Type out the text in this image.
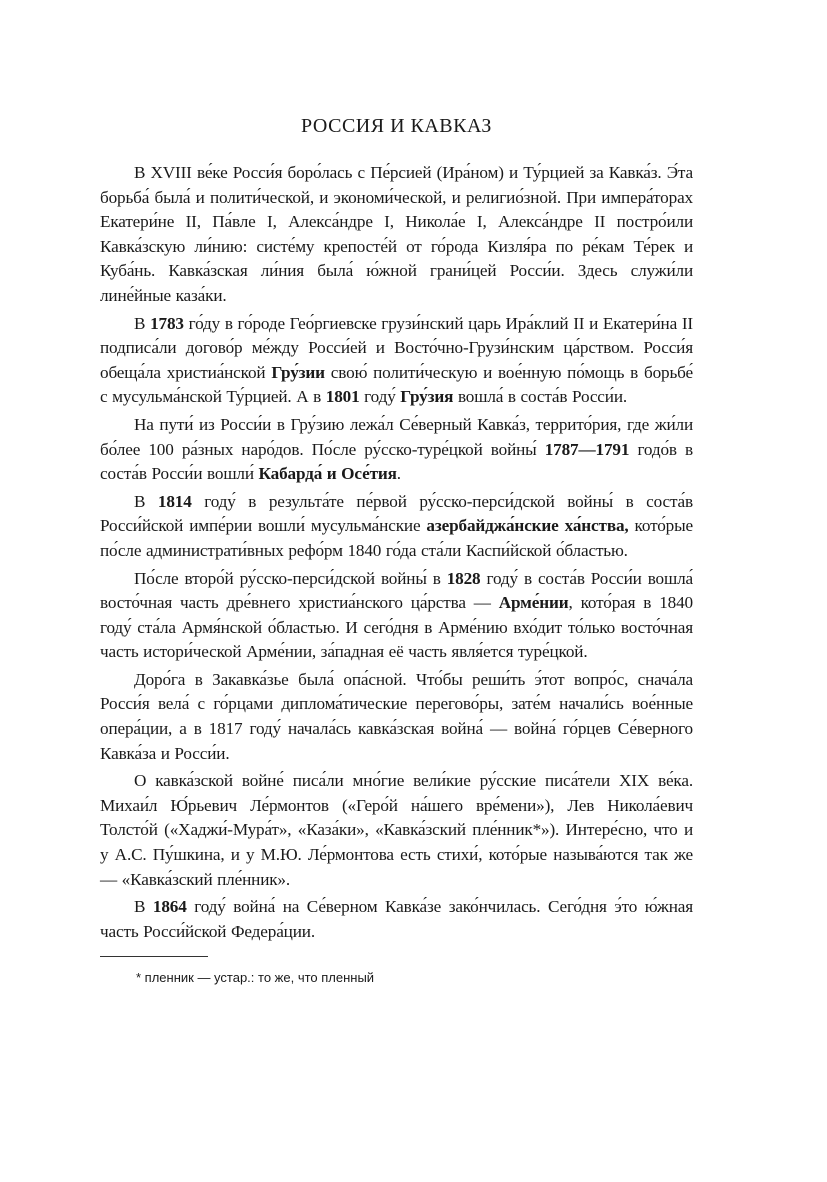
РОССИЯ И КАВКАЗ

В XVIII ве́ке Росси́я боро́лась с Пе́рсией (Ира́ном) и Ту́рцией за Кавка́з. Э́та борьба́ была́ и полити́ческой, и экономи́ческой, и религио́зной. При импера́торах Екатери́не II, Па́вле I, Алекса́ндре I, Никола́е I, Алекса́ндре II постро́или Кавка́зскую ли́нию: систе́му крепосте́й от го́рода Кизля́ра по ре́кам Те́рек и Куба́нь. Кавка́зская ли́ния была́ ю́жной грани́цей Росси́и. Здесь служи́ли лине́йные каза́ки.

В 1783 го́ду в го́роде Гео́ргиевске грузи́нский царь Ира́клий II и Екатери́на II подписа́ли догово́р ме́жду Росси́ей и Восто́чно-Грузи́нским ца́рством. Росси́я обеща́ла христиа́нской Гру́зии свою́ полити́ческую и вое́нную по́мощь в борьбе́ с мусульма́нской Ту́рцией. А в 1801 году́ Гру́зия вошла́ в соста́в Росси́и.

На пути́ из Росси́и в Гру́зию лежа́л Се́верный Кавка́з, террито́рия, где жи́ли бо́лее 100 ра́зных наро́дов. По́сле ру́сско-туре́цкой войны́ 1787—1791 годо́в в соста́в Росси́и вошли́ Кабарда́ и Осе́тия.

В 1814 году́ в результа́те пе́рвой ру́сско-перси́дской войны́ в соста́в Росси́йской импе́рии вошли́ мусульма́нские азербайджа́нские ха́нства, кото́рые по́сле администрати́вных рефо́рм 1840 го́да ста́ли Каспи́йской о́бластью.

По́сле второ́й ру́сско-перси́дской войны́ в 1828 году́ в соста́в Росси́и вошла́ восто́чная часть дре́внего христиа́нского ца́рства — Арме́нии, кото́рая в 1840 году́ ста́ла Армя́нской о́бластью. И сего́дня в Арме́нию вхо́дит то́лько восто́чная часть истори́ческой Арме́нии, за́падная её часть явля́ется туре́цкой.

Доро́га в Закавка́зье была́ опа́сной. Что́бы реши́ть э́тот вопро́с, снача́ла Росси́я вела́ с го́рцами диплома́тические перегово́ры, зате́м начали́сь вое́нные опера́ции, а в 1817 году́ начала́сь кавка́зская война́ — война́ го́рцев Се́верного Кавка́за и Росси́и.

О кавка́зской войне́ писа́ли мно́гие вели́кие ру́сские писа́тели XIX ве́ка. Михаи́л Ю́рьевич Ле́рмонтов («Геро́й на́шего вре́мени»), Лев Никола́евич Толсто́й («Хаджи́-Мура́т», «Каза́ки», «Кавка́зский пле́нник*»). Интере́сно, что и у А.С. Пу́шкина, и у М.Ю. Ле́рмонтова есть стихи́, кото́рые называ́ются так же — «Кавка́зский пле́нник».

В 1864 году́ война́ на Се́верном Кавка́зе зако́нчилась. Сего́дня э́то ю́жная часть Росси́йской Федера́ции.

* пленник — устар.: то же, что пленный
